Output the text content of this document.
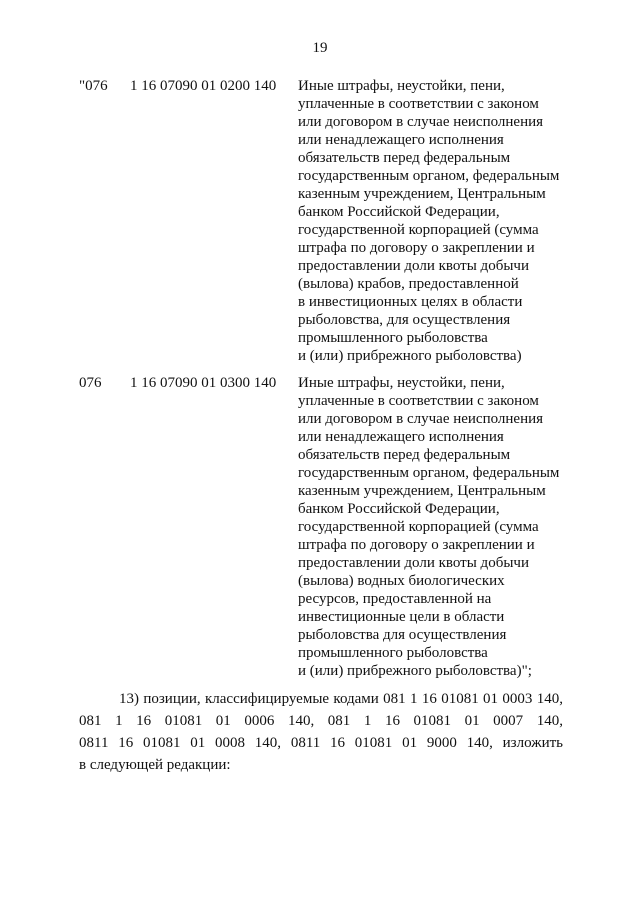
19
"076 1 16 07090 01 0200 140 Иные штрафы, неустойки, пени,
уплаченные в соответствии с законом
или договором в случае неисполнения
или ненадлежащего исполнения
обязательств перед федеральным
государственным органом, федеральным
казенным учреждением, Центральным
банком Российской Федерации,
государственной корпорацией (сумма
штрафа по договору о закреплении и
предоставлении доли квоты добычи
(вылова) крабов, предоставленной
в инвестиционных целях в области
рыболовства, для осуществления
промышленного рыболовства
и (или) прибрежного рыболовства)
076 1 16 07090 01 0300 140 Иные штрафы, неустойки, пени,
уплаченные в соответствии с законом
или договором в случае неисполнения
или ненадлежащего исполнения
обязательств перед федеральным
государственным органом, федеральным
казенным учреждением, Центральным
банком Российской Федерации,
государственной корпорацией (сумма
штрафа по договору о закреплении и
предоставлении доли квоты добычи
(вылова) водных биологических
ресурсов, предоставленной на
инвестиционные цели в области
рыболовства для осуществления
промышленного рыболовства
и (или) прибрежного рыболовства)";
13) позиции, классифицируемые кодами 081 1 16 01081 01 0003 140,
081 1 16 01081 01 0006 140, 081 1 16 01081 01 0007 140,
0811 16 01081 01 0008 140, 0811 16 01081 01 9000 140, изложить
в следующей редакции:
